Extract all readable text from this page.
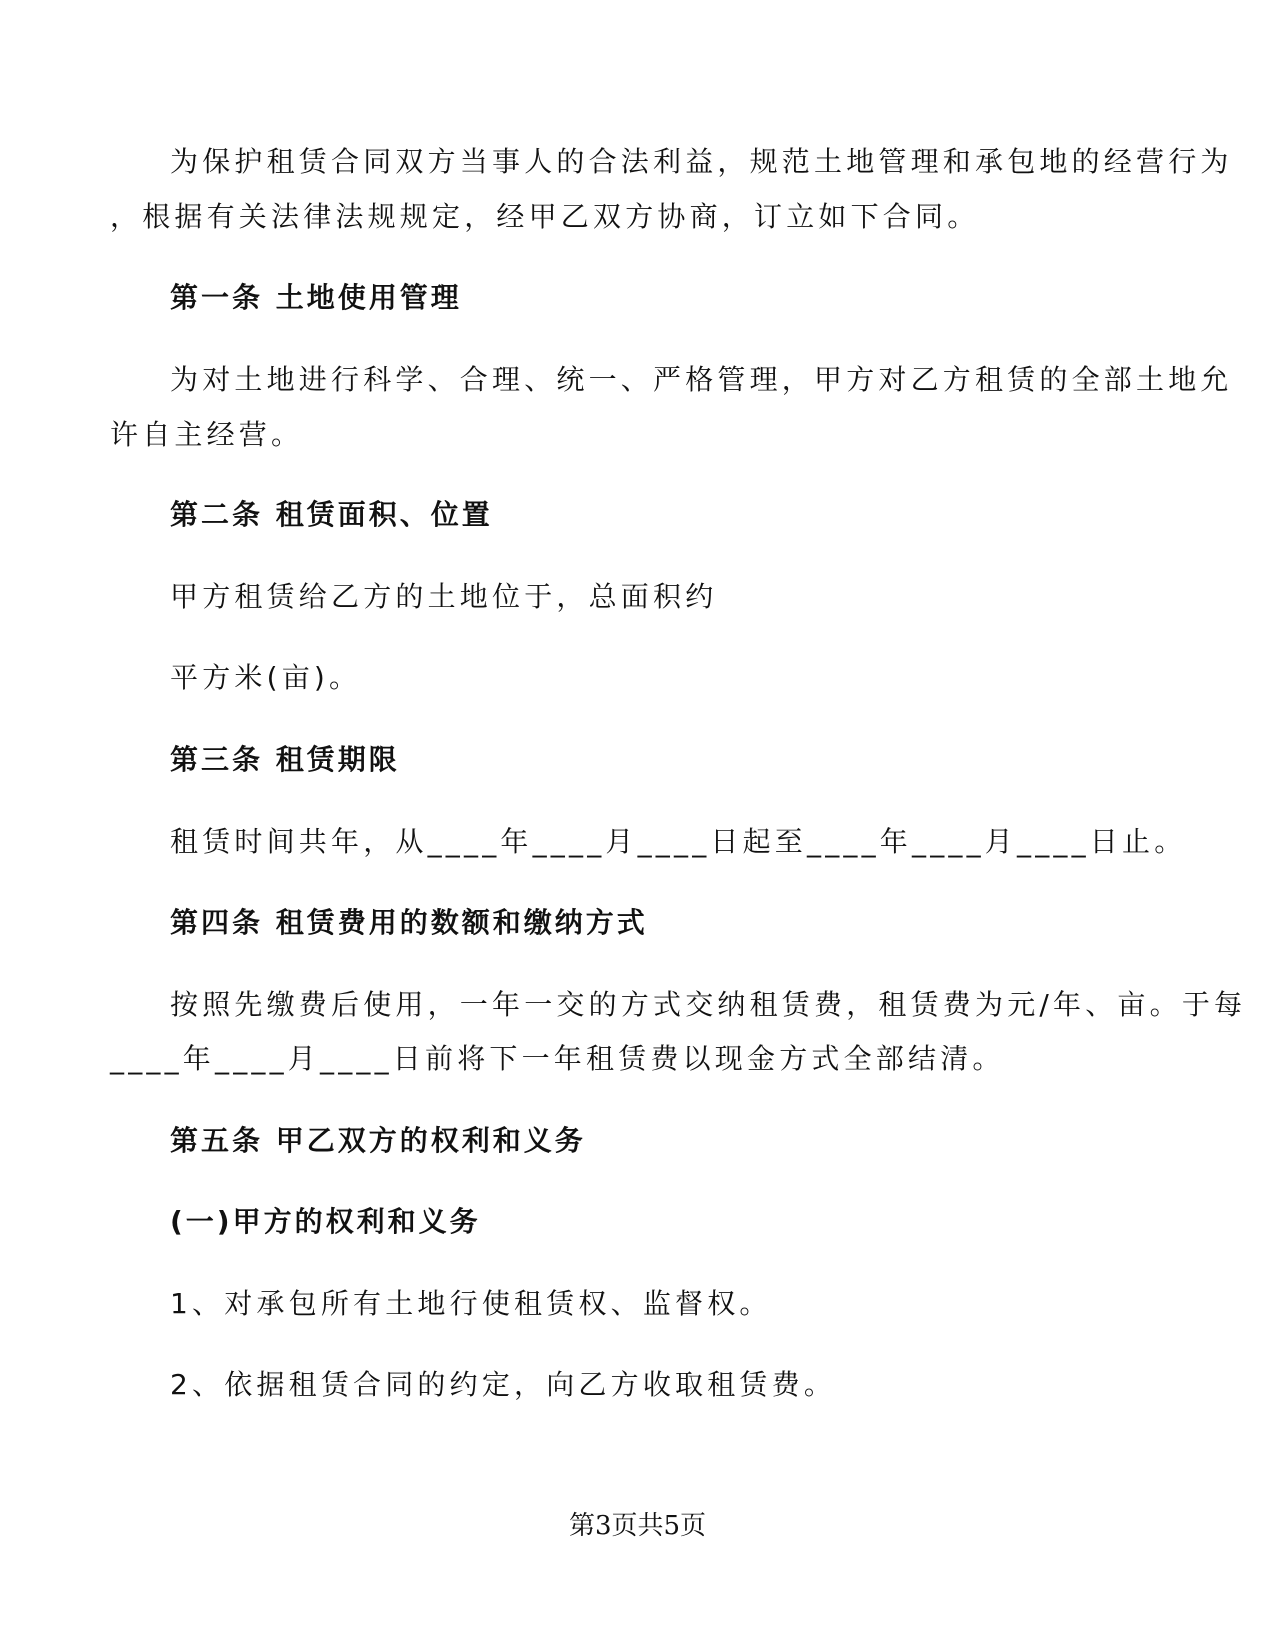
为保护租赁合同双方当事人的合法利益，规范土地管理和承包地的经营行为
，根据有关法律法规规定，经甲乙双方协商，订立如下合同。
第一条 土地使用管理
为对土地进行科学、合理、统一、严格管理，甲方对乙方租赁的全部土地允
许自主经营。
第二条 租赁面积、位置
甲方租赁给乙方的土地位于，总面积约
平方米(亩)。
第三条 租赁期限
租赁时间共年，从____年____月____日起至____年____月____日止。
第四条 租赁费用的数额和缴纳方式
按照先缴费后使用，一年一交的方式交纳租赁费，租赁费为元/年、亩。于每
____年____月____日前将下一年租赁费以现金方式全部结清。
第五条 甲乙双方的权利和义务
(一)甲方的权利和义务
1、对承包所有土地行使租赁权、监督权。
2、依据租赁合同的约定，向乙方收取租赁费。
第3页共5页
